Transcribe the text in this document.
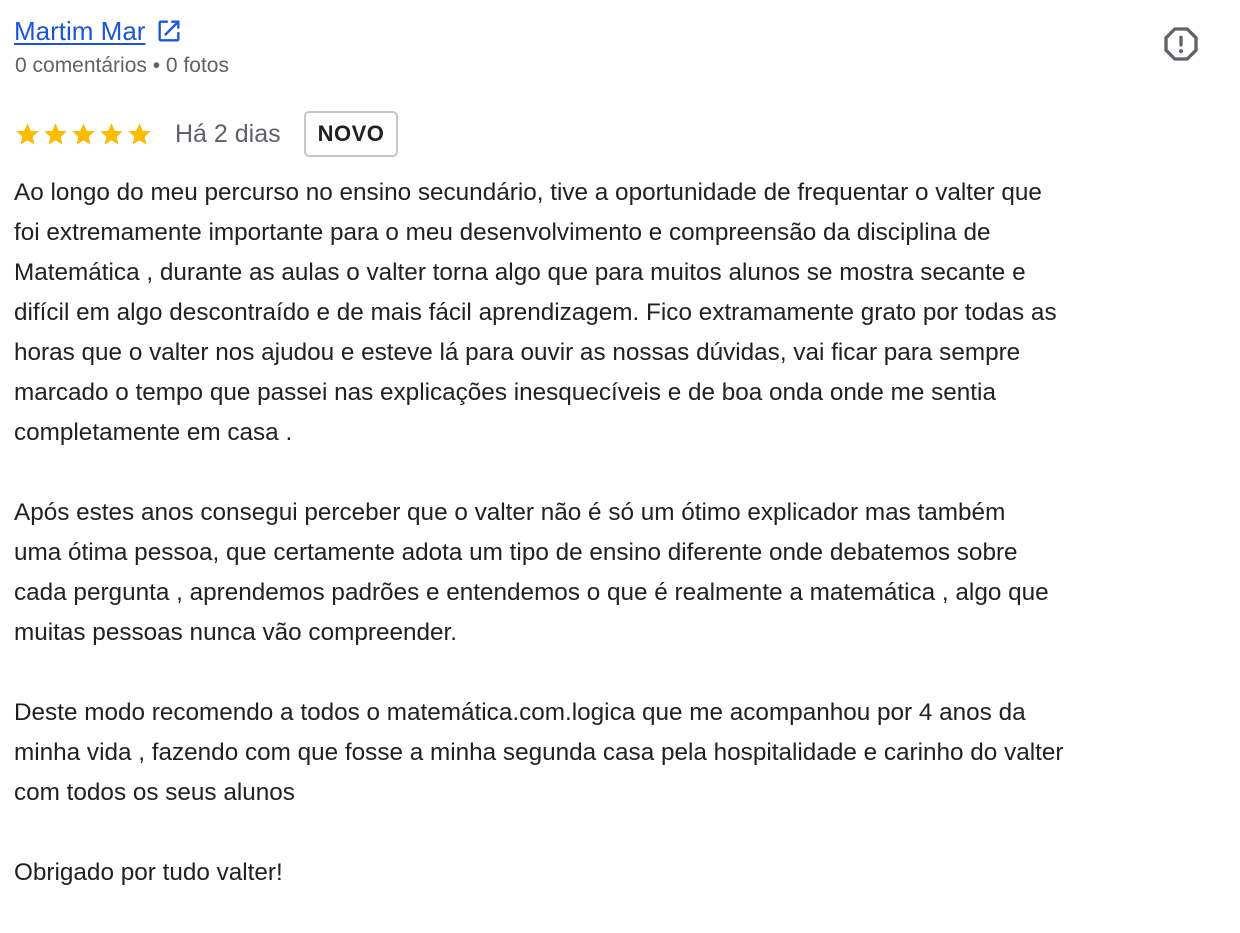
Martim Mar
0 comentários • 0 fotos
Há 2 dias	NOVO
Ao longo do meu percurso no ensino secundário, tive a oportunidade de frequentar o valter que
foi extremamente importante para o meu desenvolvimento e compreensão da disciplina de
Matemática , durante as aulas o valter torna algo que para muitos alunos se mostra secante e
difícil em algo descontraído e de mais fácil aprendizagem. Fico extramamente grato por todas as
horas que o valter nos ajudou e esteve lá para ouvir as nossas dúvidas, vai ficar para sempre
marcado o tempo que passei nas explicações inesquecíveis e de boa onda onde me sentia
completamente em casa .
Após estes anos consegui perceber que o valter não é só um ótimo explicador mas também
uma ótima pessoa, que certamente adota um tipo de ensino diferente onde debatemos sobre
cada pergunta , aprendemos padrões e entendemos o que é realmente a matemática , algo que
muitas pessoas nunca vão compreender.
Deste modo recomendo a todos o matemática.com.logica que me acompanhou por 4 anos da
minha vida , fazendo com que fosse a minha segunda casa pela hospitalidade e carinho do valter
com todos os seus alunos
Obrigado por tudo valter!
